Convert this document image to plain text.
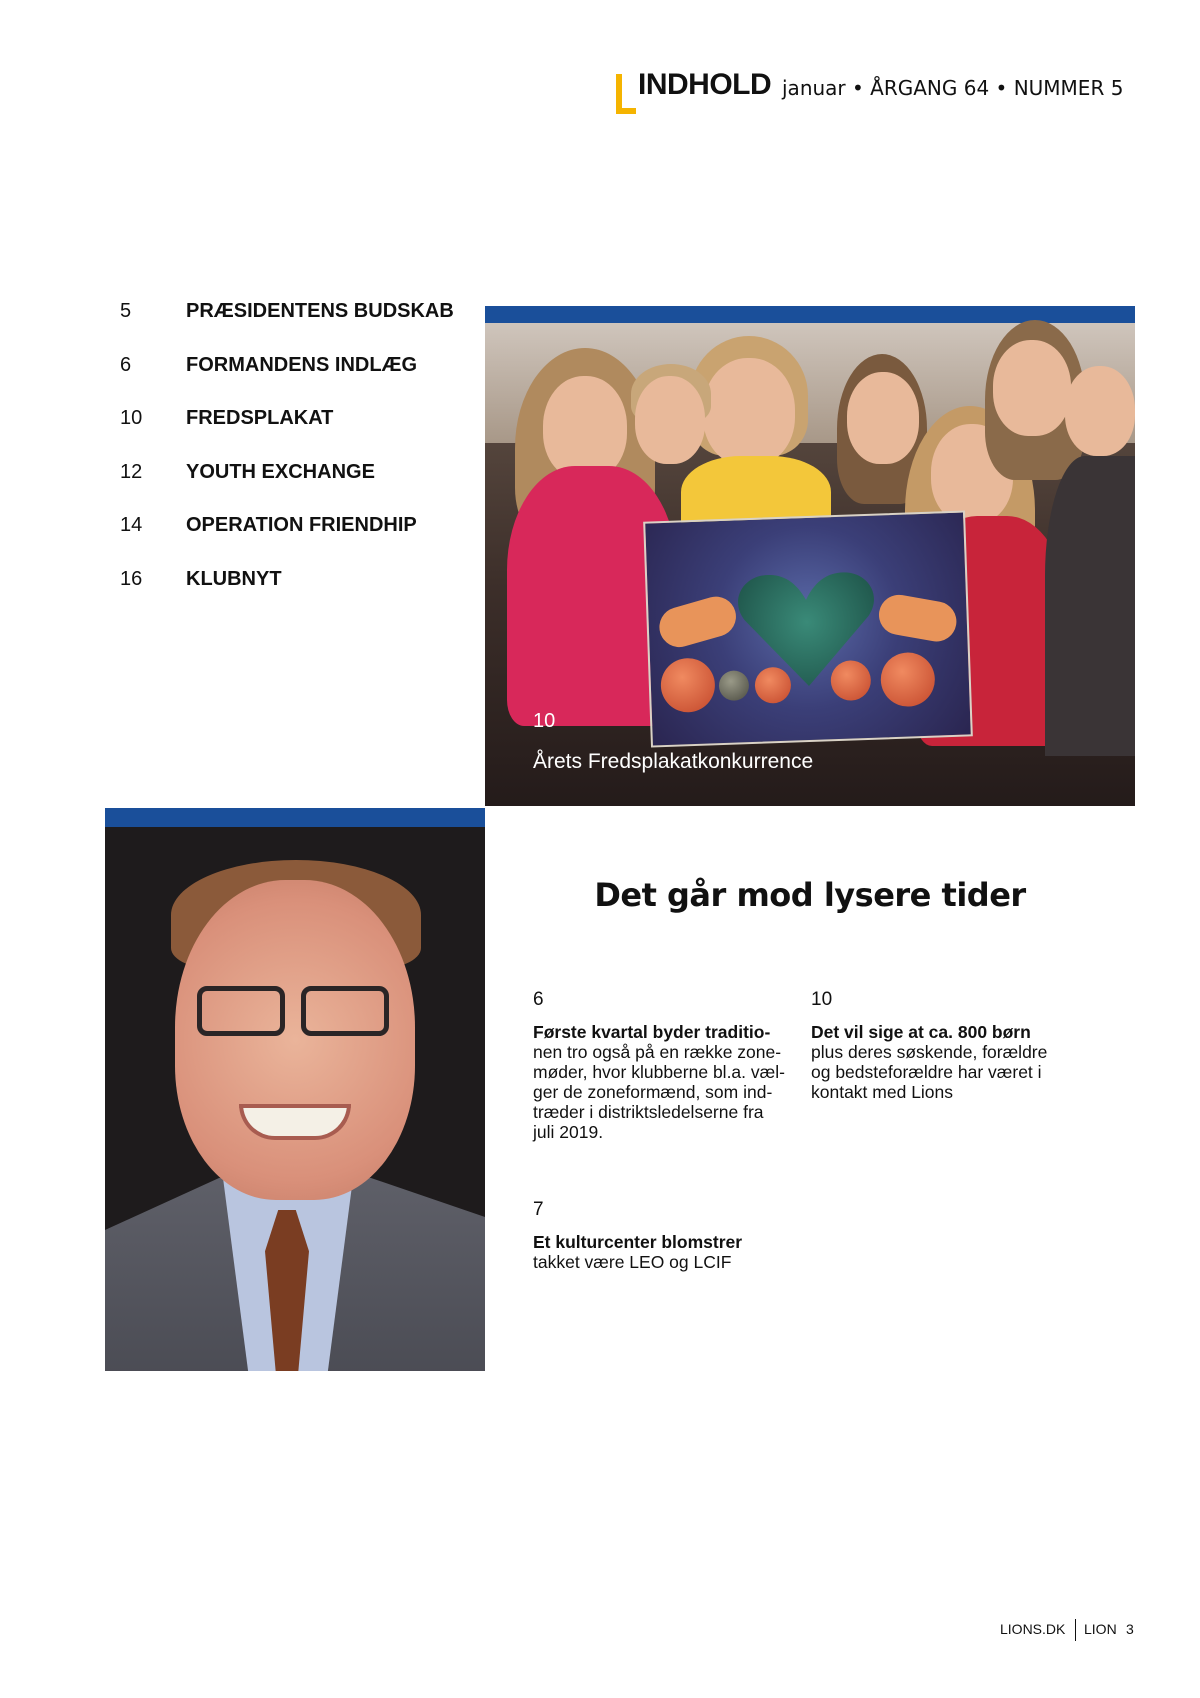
INDHOLD januar • ÅRGANG 64 • NUMMER 5
5	PRÆSIDENTENS BUDSKAB
6	FORMANDENS INDLÆG
10 FREDSPLAKAT
12 YOUTH EXCHANGE
14 OPERATION FRIENDHIP
16 KLUBNYT
10
Årets Fredsplakatkonkurrence
Det går mod lysere tider
6
Første kvartal byder traditio-
nen tro også på en række zone-
møder, hvor klubberne bl.a. væl-
ger de zoneformænd, som ind-
træder i distriktsledelserne fra
juli 2019.
10
Det vil sige at ca. 800 børn
plus deres søskende, forældre
og bedsteforældre har været i
kontakt med Lions
7
Et kulturcenter blomstrer
takket være LEO og LCIF
LIONS.DK LION 3
